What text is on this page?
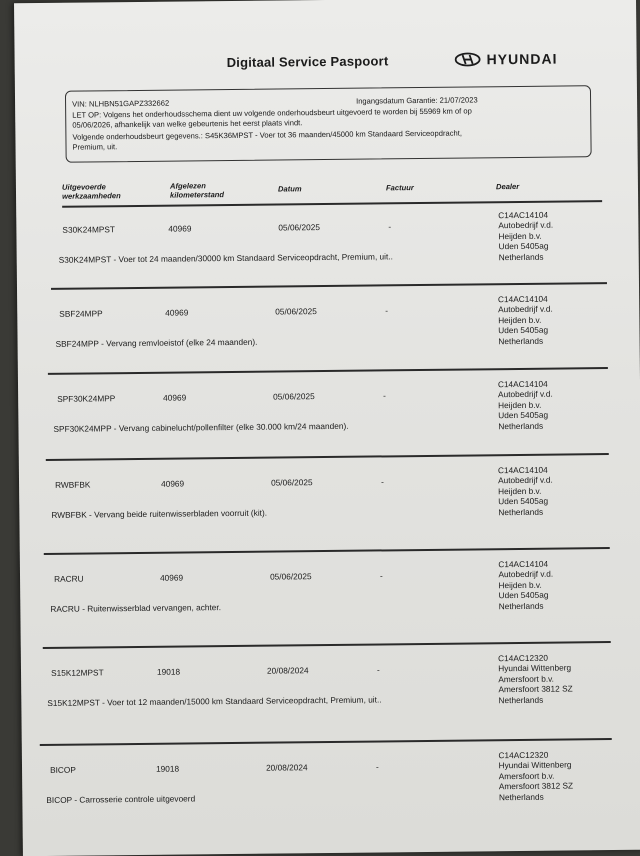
Digitaal Service Paspoort	HYUNDAI
VIN: NLHBN51GAPZ332662	Ingangsdatum Garantie: 21/07/2023
LET OP: Volgens het onderhoudsschema dient uw volgende onderhoudsbeurt uitgevoerd te worden bij 55969 km of op
05/06/2026, afhankelijk van welke gebeurtenis het eerst plaats vindt.
Volgende onderhoudsbeurt gegevens.: S45K36MPST - Voer tot 36 maanden/45000 km Standaard Serviceopdracht,
Premium, uit.
Uitgevoerde
werkzaamheden
Afgelezen
kilometerstand
Datum	Factuur	Dealer
S30K24MPST	40969	05/06/2025	-
C14AC14104
Autobedrijf v.d.
Heijden b.v.
Uden 5405ag
Netherlands
S30K24MPST - Voer tot 24 maanden/30000 km Standaard Serviceopdracht, Premium, uit..
SBF24MPP	40969	05/06/2025	-
C14AC14104
Autobedrijf v.d.
Heijden b.v.
Uden 5405ag
Netherlands
SBF24MPP - Vervang remvloeistof (elke 24 maanden).
SPF30K24MPP	40969	05/06/2025	-
C14AC14104
Autobedrijf v.d.
Heijden b.v.
Uden 5405ag
Netherlands
SPF30K24MPP - Vervang cabinelucht/pollenfilter (elke 30.000 km/24 maanden).
RWBFBK	40969	05/06/2025	-
C14AC14104
Autobedrijf v.d.
Heijden b.v.
Uden 5405ag
Netherlands
RWBFBK - Vervang beide ruitenwisserbladen voorruit (kit).
RACRU	40969	05/06/2025	-
C14AC14104
Autobedrijf v.d.
Heijden b.v.
Uden 5405ag
Netherlands
RACRU - Ruitenwisserblad vervangen, achter.
S15K12MPST	19018	20/08/2024	-
C14AC12320
Hyundai Wittenberg
Amersfoort b.v.
Amersfoort 3812 SZ
Netherlands
S15K12MPST - Voer tot 12 maanden/15000 km Standaard Serviceopdracht, Premium, uit..
BICOP	19018	20/08/2024	-
C14AC12320
Hyundai Wittenberg
Amersfoort b.v.
Amersfoort 3812 SZ
Netherlands
BICOP - Carrosserie controle uitgevoerd
